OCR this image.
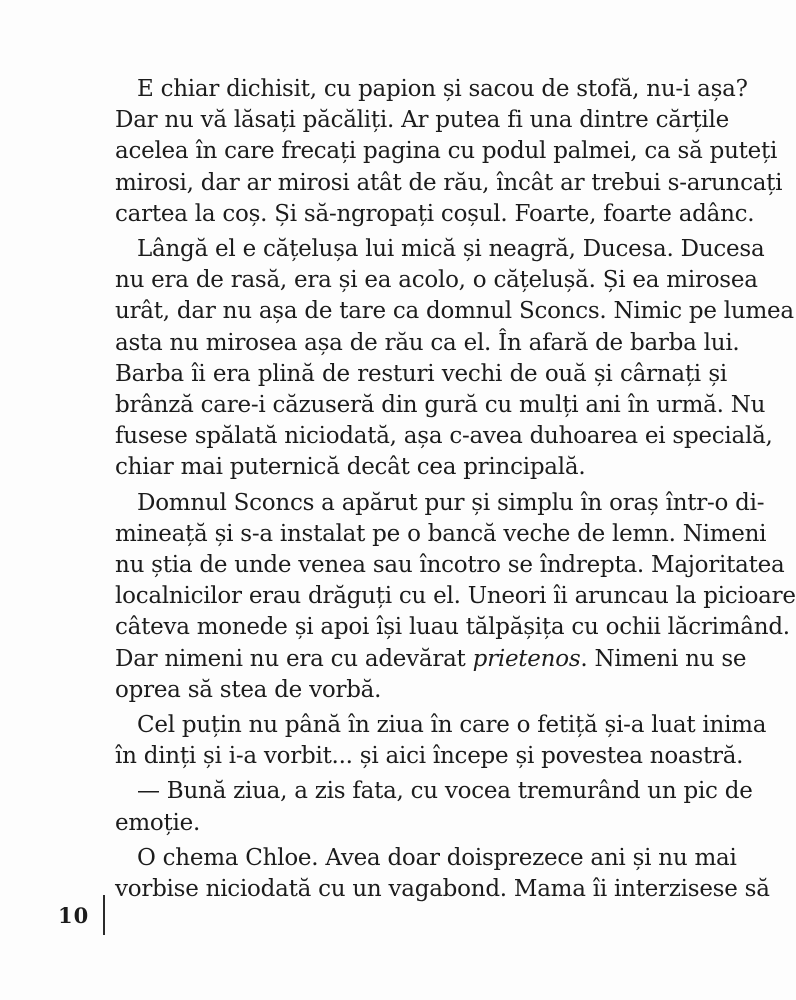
E chiar dichisit, cu papion și sacou de stofă, nu-i așa?
Dar nu vă lăsați păcăliți. Ar putea fi una dintre cărțile
acelea în care frecați pagina cu podul palmei, ca să puteți
mirosi, dar ar mirosi atât de rău, încât ar trebui s-aruncați
cartea la coș. Și să-ngropați coșul. Foarte, foarte adânc.

Lângă el e cățelușa lui mică și neagră, Ducesa. Ducesa
nu era de rasă, era și ea acolo, o cățelușă. Și ea mirosea
urât, dar nu așa de tare ca domnul Sconcs. Nimic pe lumea
asta nu mirosea așa de rău ca el. În afară de barba lui.
Barba îi era plină de resturi vechi de ouă și cârnați și
brânză care-i căzuseră din gură cu mulți ani în urmă. Nu
fusese spălată niciodată, așa c-avea duhoarea ei specială,
chiar mai puternică decât cea principală.

Domnul Sconcs a apărut pur și simplu în oraș într-o di-
mineață și s-a instalat pe o bancă veche de lemn. Nimeni
nu știa de unde venea sau încotro se îndrepta. Majoritatea
localnicilor erau drăguți cu el. Uneori îi aruncau la picioare
câteva monede și apoi își luau tălpășița cu ochii lăcrimând.
Dar nimeni nu era cu adevărat prietenos. Nimeni nu se
oprea să stea de vorbă.

Cel puțin nu până în ziua în care o fetiță și-a luat inima
în dinți și i-a vorbit... și aici începe și povestea noastră.

— Bună ziua, a zis fata, cu vocea tremurând un pic de
emoție.

O chema Chloe. Avea doar doisprezece ani și nu mai
vorbise niciodată cu un vagabond. Mama îi interzisese să

10
